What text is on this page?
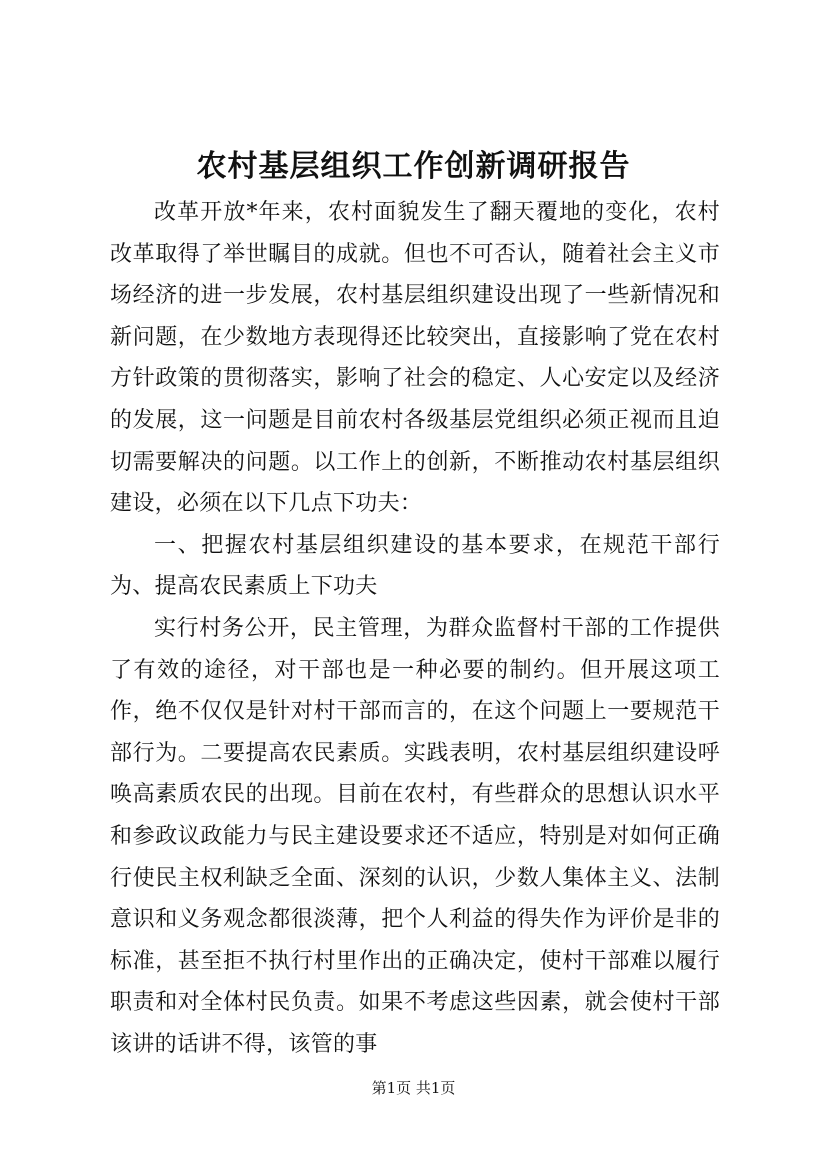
农村基层组织工作创新调研报告

改革开放*年来，农村面貌发生了翻天覆地的变化，农村改革取得了举世瞩目的成就。但也不可否认，随着社会主义市场经济的进一步发展，农村基层组织建设出现了一些新情况和新问题，在少数地方表现得还比较突出，直接影响了党在农村方针政策的贯彻落实，影响了社会的稳定、人心安定以及经济的发展，这一问题是目前农村各级基层党组织必须正视而且迫切需要解决的问题。以工作上的创新，不断推动农村基层组织建设，必须在以下几点下功夫：

一、把握农村基层组织建设的基本要求，在规范干部行为、提高农民素质上下功夫

实行村务公开，民主管理，为群众监督村干部的工作提供了有效的途径，对干部也是一种必要的制约。但开展这项工作，绝不仅仅是针对村干部而言的，在这个问题上一要规范干部行为。二要提高农民素质。实践表明，农村基层组织建设呼唤高素质农民的出现。目前在农村，有些群众的思想认识水平和参政议政能力与民主建设要求还不适应，特别是对如何正确行使民主权利缺乏全面、深刻的认识，少数人集体主义、法制意识和义务观念都很淡薄，把个人利益的得失作为评价是非的标准，甚至拒不执行村里作出的正确决定，使村干部难以履行职责和对全体村民负责。如果不考虑这些因素，就会使村干部该讲的话讲不得，该管的事

第1页 共1页
